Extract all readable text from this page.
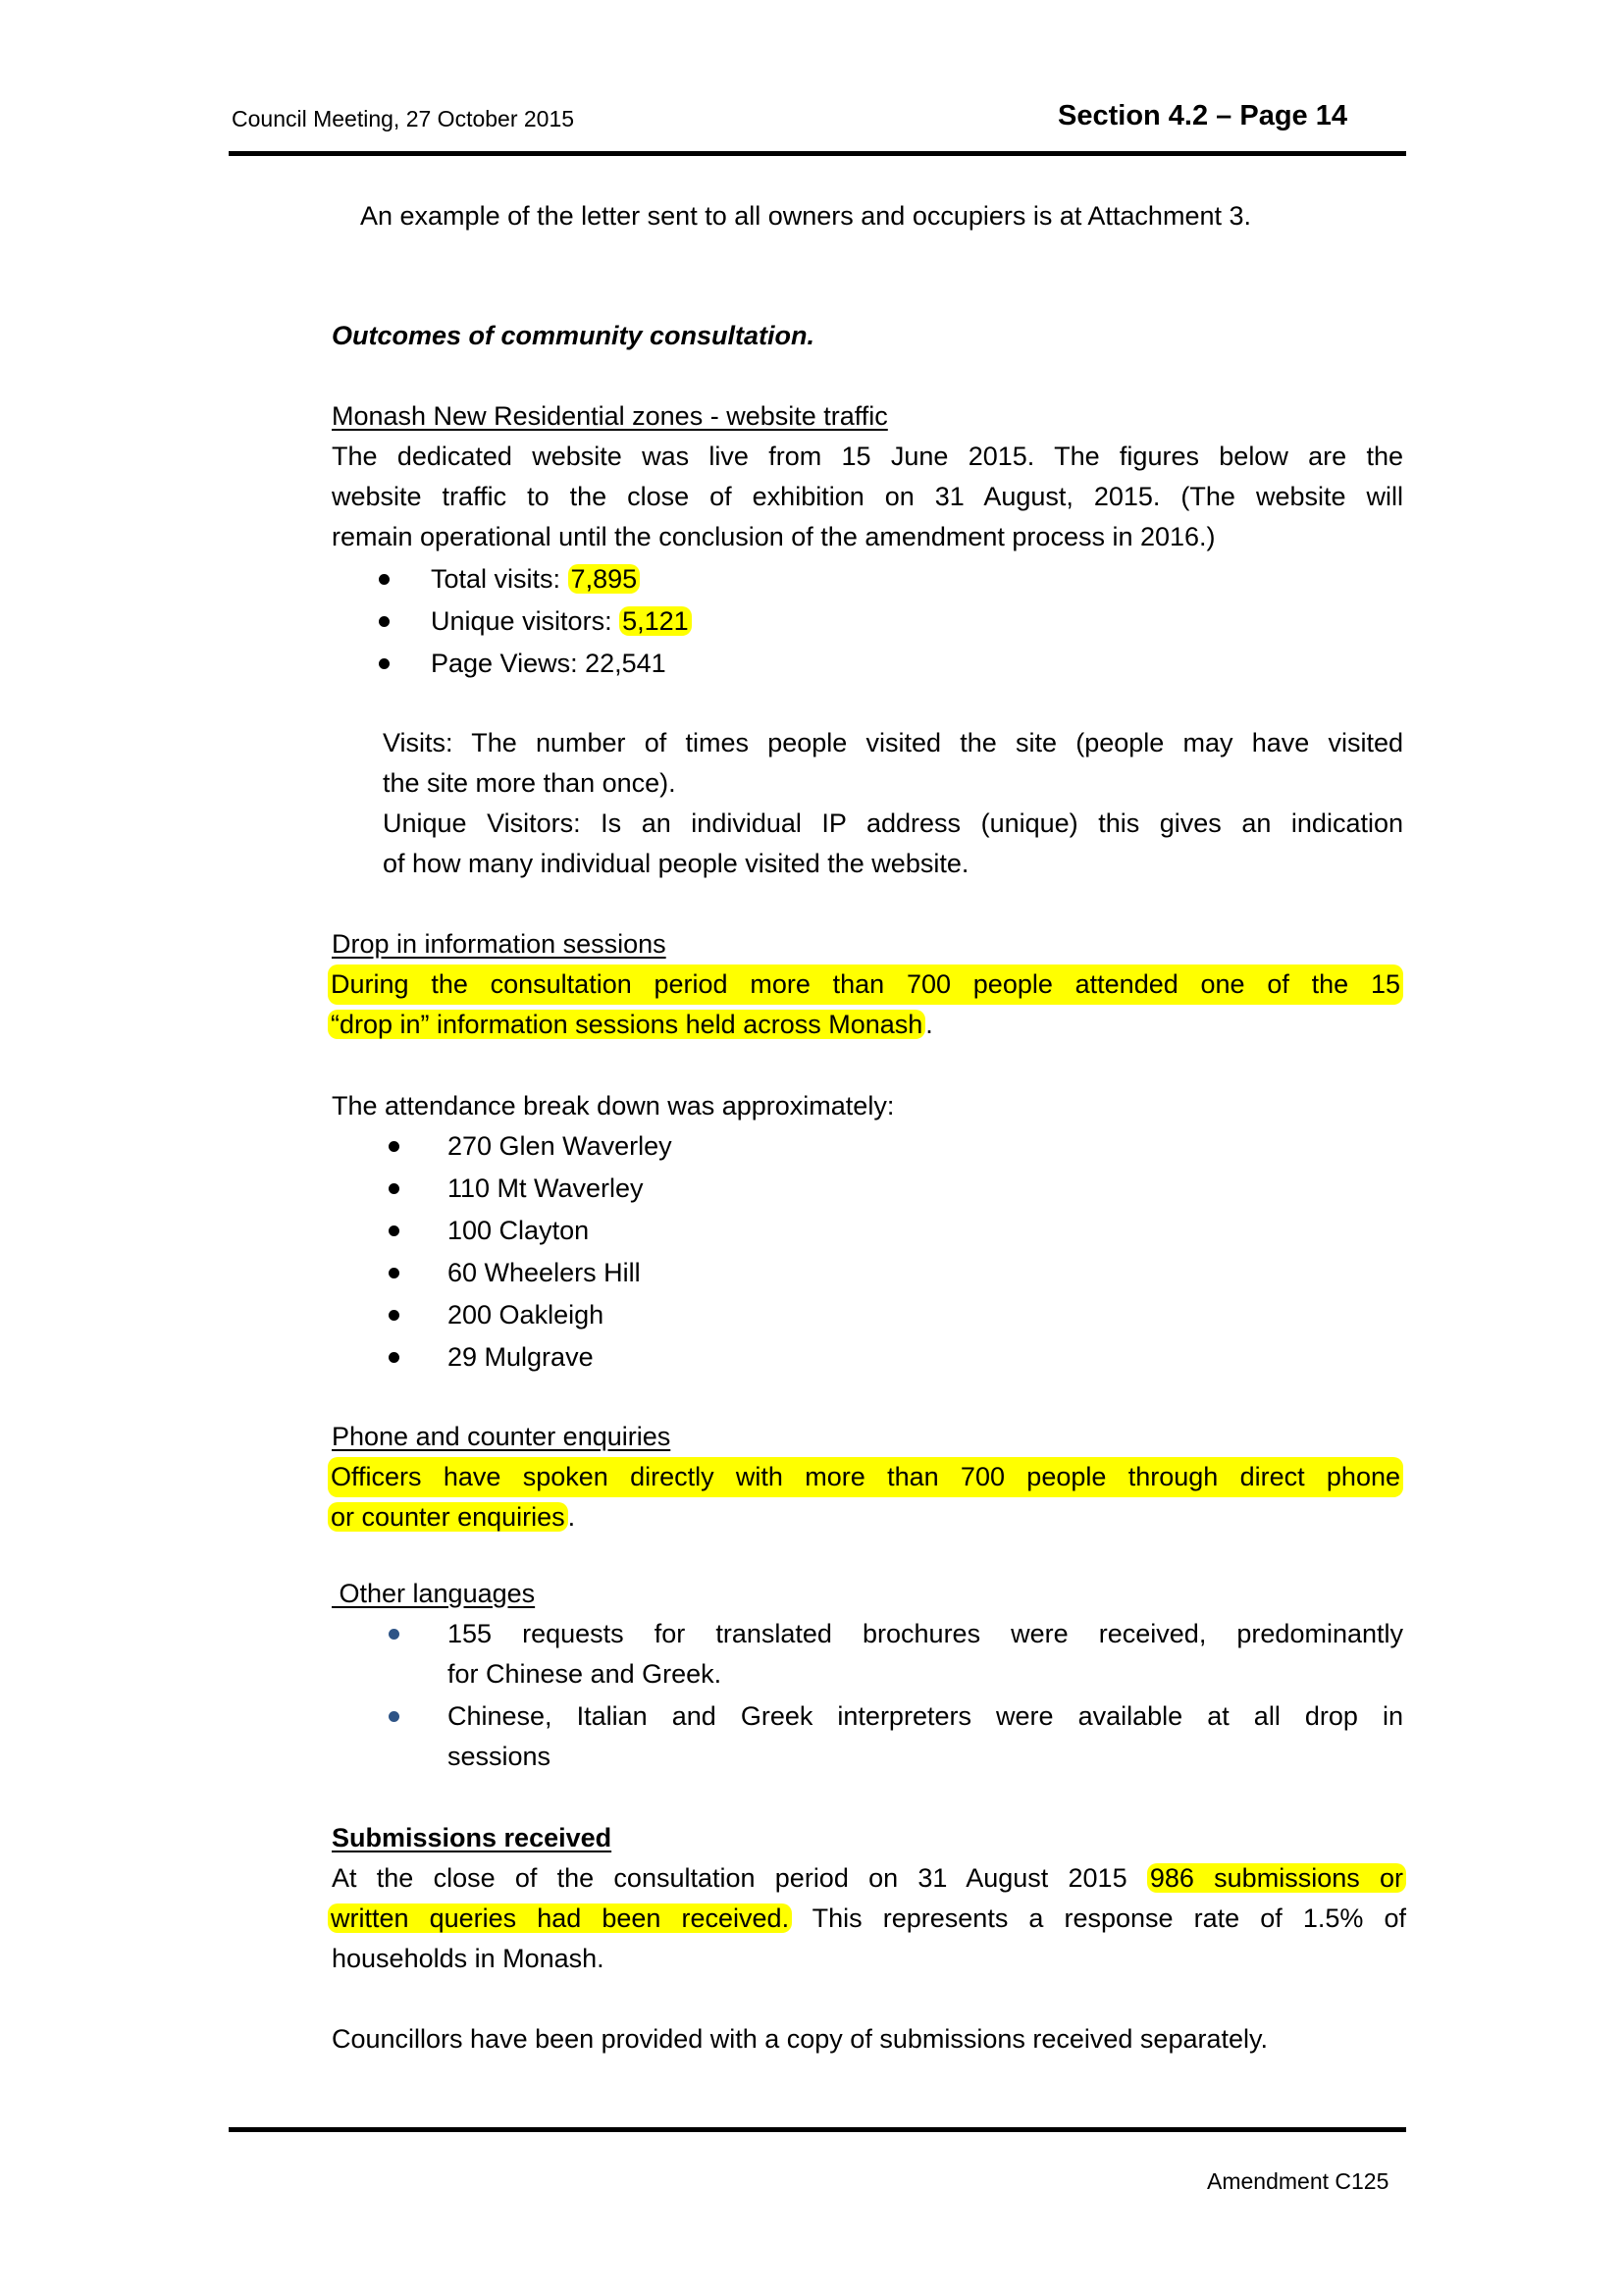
Council Meeting, 27 October 2015	Section 4.2 – Page 14
An example of the letter sent to all owners and occupiers is at Attachment 3.
Outcomes of community consultation.
Monash New Residential zones - website traffic
The dedicated website was live from 15 June 2015. The figures below are the
website traffic to the close of exhibition on 31 August, 2015. (The website will
remain operational until the conclusion of the amendment process in 2016.)
Total visits: 7,895
Unique visitors: 5,121
Page Views: 22,541
Visits: The number of times people visited the site (people may have visited
the site more than once).
Unique Visitors: Is an individual IP address (unique) this gives an indication
of how many individual people visited the website.
Drop in information sessions
During the consultation period more than 700 people attended one of the 15
“drop in” information sessions held across Monash .
The attendance break down was approximately:
270 Glen Waverley
110 Mt Waverley
100 Clayton
60 Wheelers Hill
200 Oakleigh
29 Mulgrave
Phone and counter enquiries
Officers have spoken directly with more than 700 people through direct phone
or counter enquiries .
Other languages
155 requests for translated brochures were received, predominantly
for Chinese and Greek.
Chinese, Italian and Greek interpreters were available at all drop in
sessions
Submissions received
At the close of the consultation period on 31 August 2015 986 submissions or
written queries had been received. This represents a response rate of 1.5% of
households in Monash.
Councillors have been provided with a copy of submissions received separately.
Amendment C125
